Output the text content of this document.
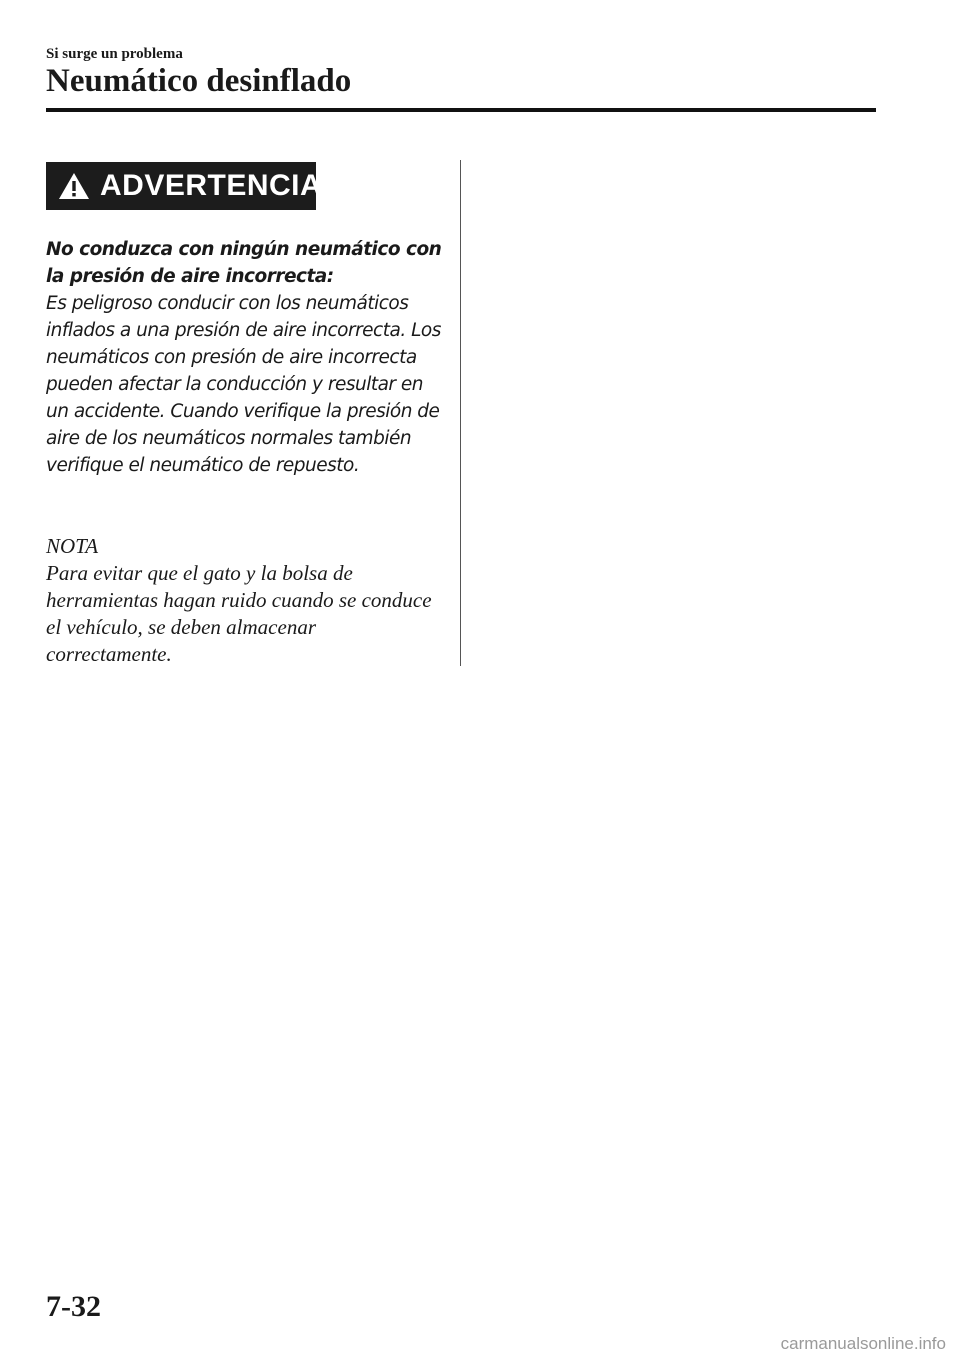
Si surge un problema
Neumático desinflado
ADVERTENCIA
No conduzca con ningún neumático con la presión de aire incorrecta:
Es peligroso conducir con los neumáticos inflados a una presión de aire incorrecta. Los neumáticos con presión de aire incorrecta pueden afectar la conducción y resultar en un accidente. Cuando verifique la presión de aire de los neumáticos normales también verifique el neumático de repuesto.
NOTA
Para evitar que el gato y la bolsa de herramientas hagan ruido cuando se conduce el vehículo, se deben almacenar correctamente.
7-32
carmanualsonline.info
